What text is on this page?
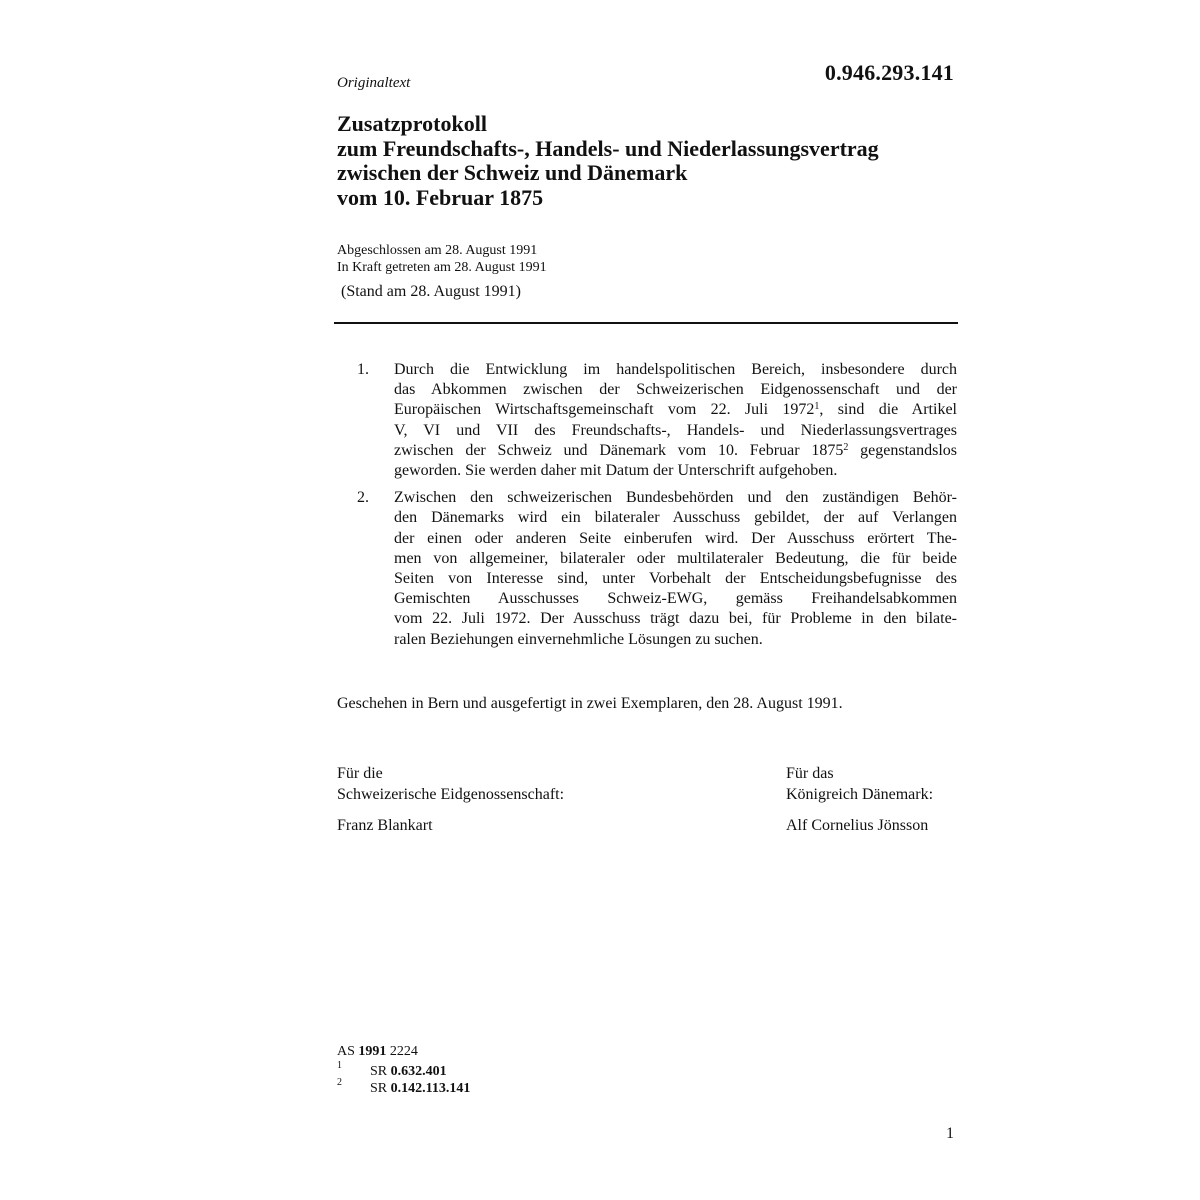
Originaltext	0.946.293.141
Zusatzprotokoll
zum Freundschafts-, Handels- und Niederlassungsvertrag
zwischen der Schweiz und Dänemark
vom 10. Februar 1875
Abgeschlossen am 28. August 1991
In Kraft getreten am 28. August 1991
(Stand am 28. August 1991)
1.	Durch die Entwicklung im handelspolitischen Bereich, insbesondere durch
das Abkommen zwischen der Schweizerischen Eidgenossenschaft und der
Europäischen Wirtschaftsgemeinschaft vom 22. Juli 1972$^1$, sind die Artikel
V, VI und VII des Freundschafts-, Handels- und Niederlassungsvertrages
zwischen der Schweiz und Dänemark vom 10. Februar 1875$^2$ gegenstandslos
geworden. Sie werden daher mit Datum der Unterschrift aufgehoben.
2.	Zwischen den schweizerischen Bundesbehörden und den zuständigen Behör-
den Dänemarks wird ein bilateraler Ausschuss gebildet, der auf Verlangen
der einen oder anderen Seite einberufen wird. Der Ausschuss erörtert The-
men von allgemeiner, bilateraler oder multilateraler Bedeutung, die für beide
Seiten von Interesse sind, unter Vorbehalt der Entscheidungsbefugnisse des
Gemischten Ausschusses Schweiz-EWG, gemäss Freihandelsabkommen
vom 22. Juli 1972. Der Ausschuss trägt dazu bei, für Probleme in den bilate-
ralen Beziehungen einvernehmliche Lösungen zu suchen.
Geschehen in Bern und ausgefertigt in zwei Exemplaren, den 28. August 1991.
Für die
Schweizerische Eidgenossenschaft:
Für das
Königreich Dänemark:
Franz Blankart	Alf Cornelius Jönsson
AS 1991 2224
1	SR 0.632.401
2	SR 0.142.113.141
1
